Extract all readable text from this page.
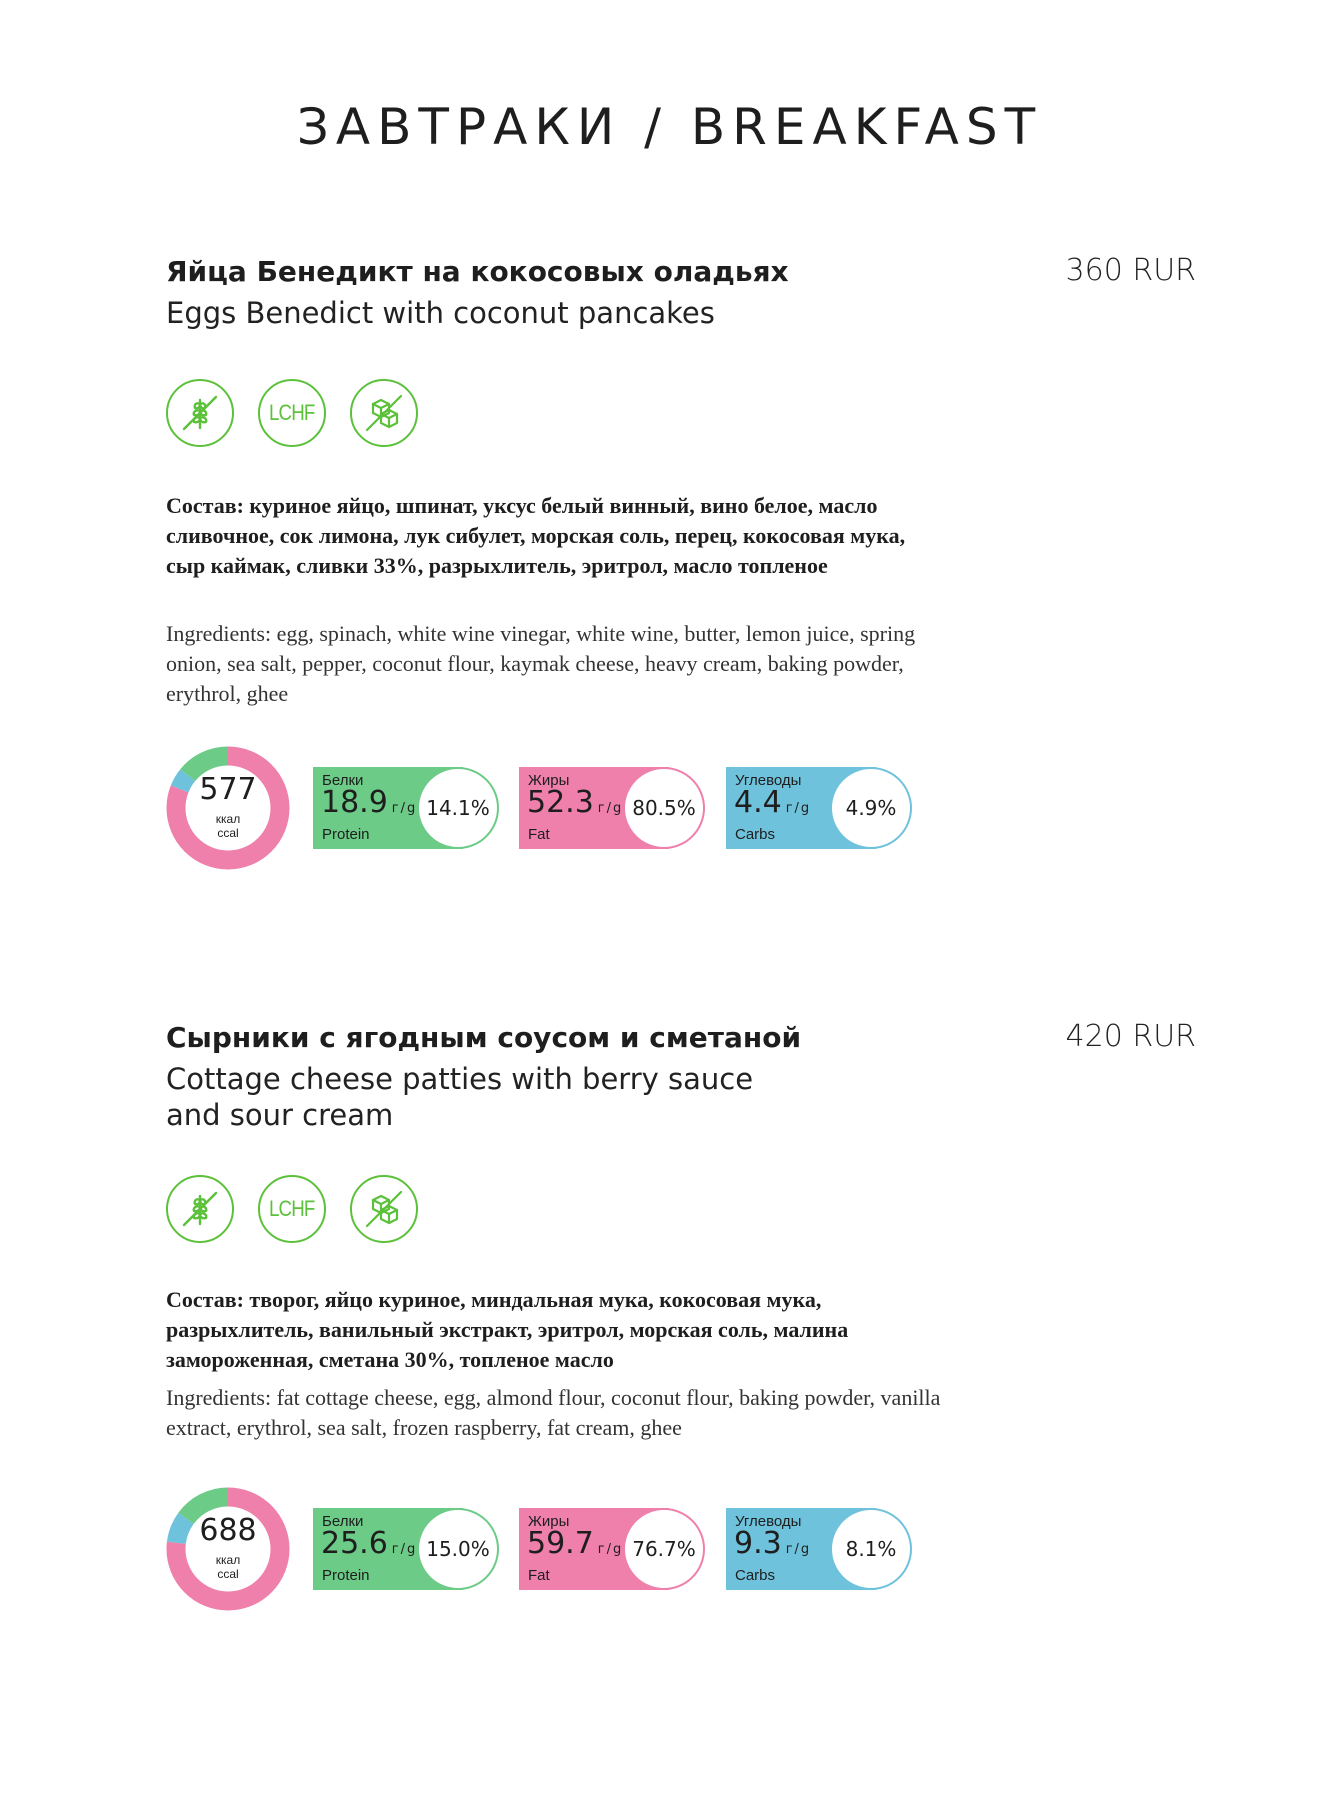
ЗАВТРАКИ / BREAKFAST
Яйца Бенедикт на кокосовых оладьях	360 RUR
Eggs Benedict with coconut pancakes
LCHF
Состав: куриное яйцо, шпинат, уксус белый винный, вино белое, масло сливочное, сок лимона, лук сибулет, морская соль, перец, кокосовая мука, сыр каймак, сливки 33%, разрыхлитель, эритрол, масло топленое
Ingredients: egg, spinach, white wine vinegar, white wine, butter, lemon juice, spring onion, sea salt, pepper, coconut flour, kaymak cheese, heavy cream, baking powder, erythrol, ghee
577
ккал
ccal
Белки
18.9 г/g
Protein
14.1%
Жиры
52.3 г/g
Fat
80.5%
Углеводы
4.4 г/g
Carbs
4.9%
Сырники с ягодным соусом и сметаной	420 RUR
Cottage cheese patties with berry sauce
and sour cream
LCHF
Состав: творог, яйцо куриное, миндальная мука, кокосовая мука, разрыхлитель, ванильный экстракт, эритрол, морская соль, малина замороженная, сметана 30%, топленое масло
Ingredients: fat cottage cheese, egg, almond flour, coconut flour, baking powder, vanilla extract, erythrol, sea salt, frozen raspberry, fat cream, ghee
688
ккал
ccal
Белки
25.6 г/g
Protein
15.0%
Жиры
59.7 г/g
Fat
76.7%
Углеводы
9.3 г/g
Carbs
8.1%
